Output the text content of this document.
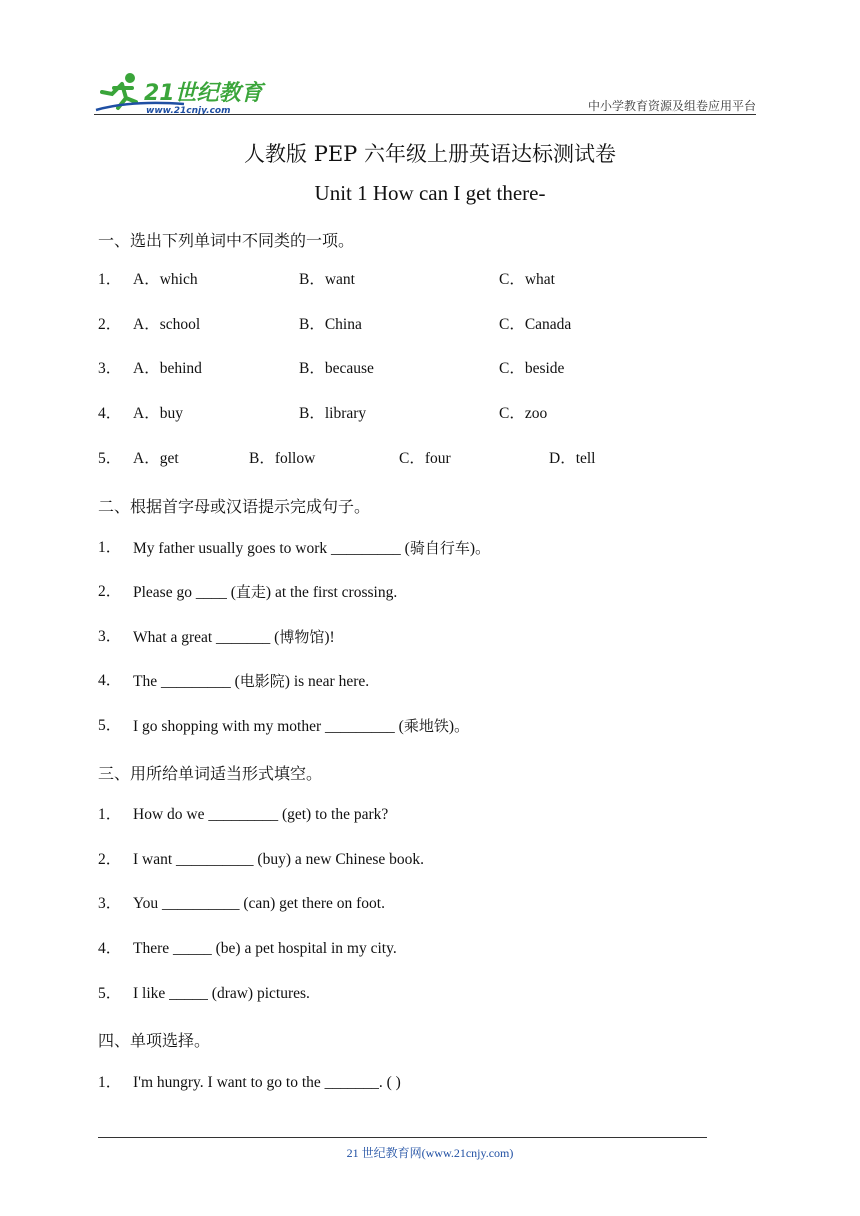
21世纪教育
www.21cnjy.com	中小学教育资源及组卷应用平台
人教版 PEP 六年级上册英语达标测试卷
Unit 1 How can I get there-
一、选出下列单词中不同类的一项。
1． A．which	B．want	C．what
2． A．school	B．China	C．Canada
3． A．behind	B．because	C．beside
4． A．buy	B．library	C．zoo
5． A．get	B．follow	C．four	D．tell
二、根据首字母或汉语提示完成句子。
1． My father usually goes to work _________ (骑自行车)。
2． Please go ____ (直走) at the first crossing.
3． What a great _______ (博物馆)!
4． The _________ (电影院) is near here.
5． I go shopping with my mother _________ (乘地铁)。
三、用所给单词适当形式填空。
1． How do we _________ (get) to the park?
2． I want __________ (buy) a new Chinese book.
3． You __________ (can) get there on foot.
4． There _____ (be) a pet hospital in my city.
5． I like _____ (draw) pictures.
四、单项选择。
1． I'm hungry. I want to go to the _______. ( )
21 世纪教育网(www.21cnjy.com)
